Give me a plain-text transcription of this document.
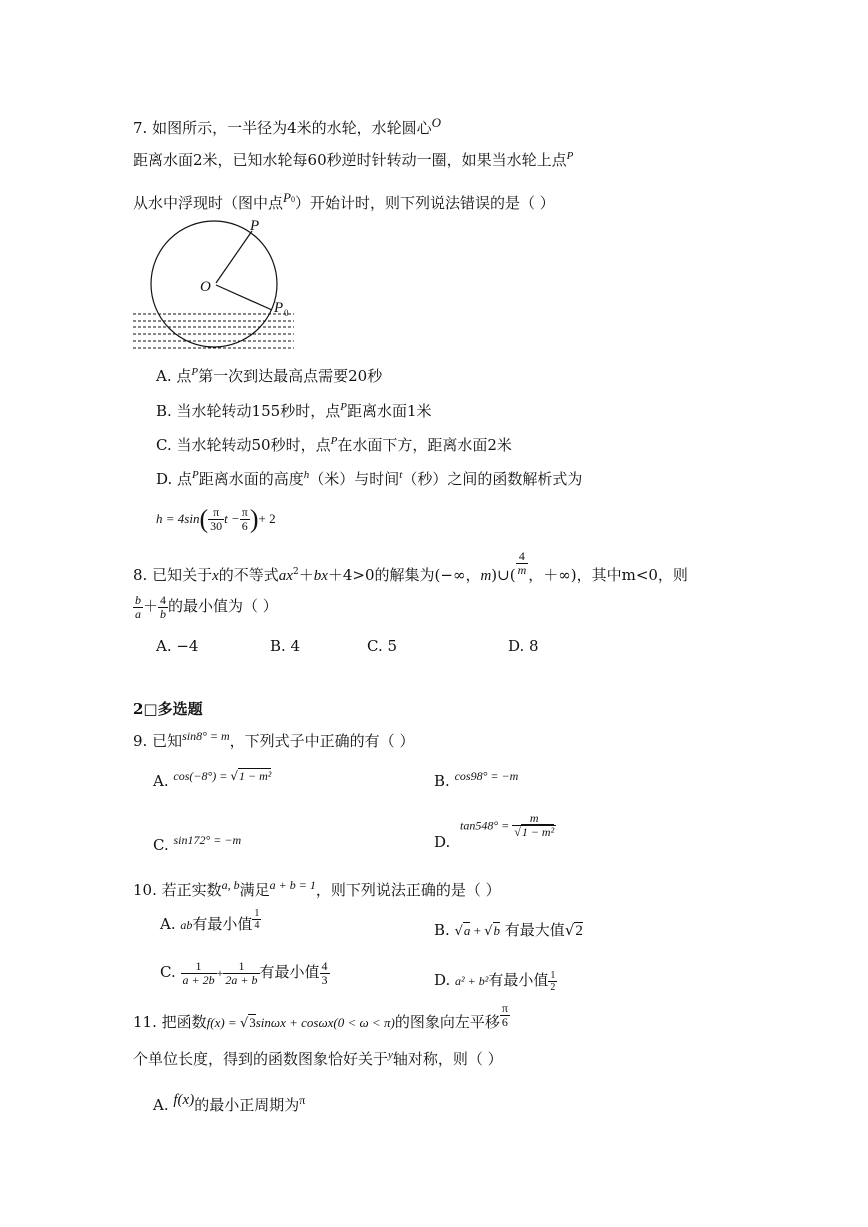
7. 如图所示，一半径为4米的水轮，水轮圆心O
距离水面2米，已知水轮每60秒逆时针转动一圈，如果当水轮上点$^P$
从水中浮现时（图中点$P^0$）开始计时，则下列说法错误的是（ ）
P
O
P 0
A. 点$^P$第一次到达最高点需要20秒
B. 当水轮转动155秒时，点$^P$距离水面1米
C. 当水轮转动50秒时，点$^P$在水面下方，距离水面2米
D. 点$^P$距离水面的高度$^h$（米）与时间$^t$（秒）之间的函数解析式为
$h = 4\sin( \frac{\pi}{30}$ $t - \frac{\pi}{6}$ )+ 2
8. 已知关于x的不等式$ax^2+bx+4>0$的解集为(−∞，m)∪( $\frac{4}{m}$ ，＋∞)，其中m<0，则
$\frac{b}{a} + \frac{4}{b}$ 的最小值为（ ）
A. −4	B. 4	C. 5	D. 8
2□多选题
9. 已知$^{sin8^\circ = m}$，下列式子中正确的有（ ）
A. $^{cos(-8^\circ) =}$ $^{√1 - m^2}$	B. $^{cos98^\circ = -m}$
C. $^{sin172^\circ = -m}$	D.
$\tan 548^\circ = \frac{m}{\text{√1 − m²}}$
10. 若正实数$^{a, b}$满足$^{a + b = 1}$，则下列说法正确的是（ ）
A. ab有最小值 $\frac{1}{4}$	B. √a + √b 有最大值√2
C. $\frac{1}{a + 2b} + \frac{1}{2a + b}$ 有最小值 $\frac{4}{3}$	D. a² + b²有最小值 $\frac{1}{2}$
11. 把函数f(x) = √3sinωx + cosωx(0 < ω < π)的图象向左平移 $\frac{\pi}{6}$
个单位长度，得到的函数图象恰好关于$^y$轴对称，则（ ）
A. f(x)的最小正周期为$^\pi$
